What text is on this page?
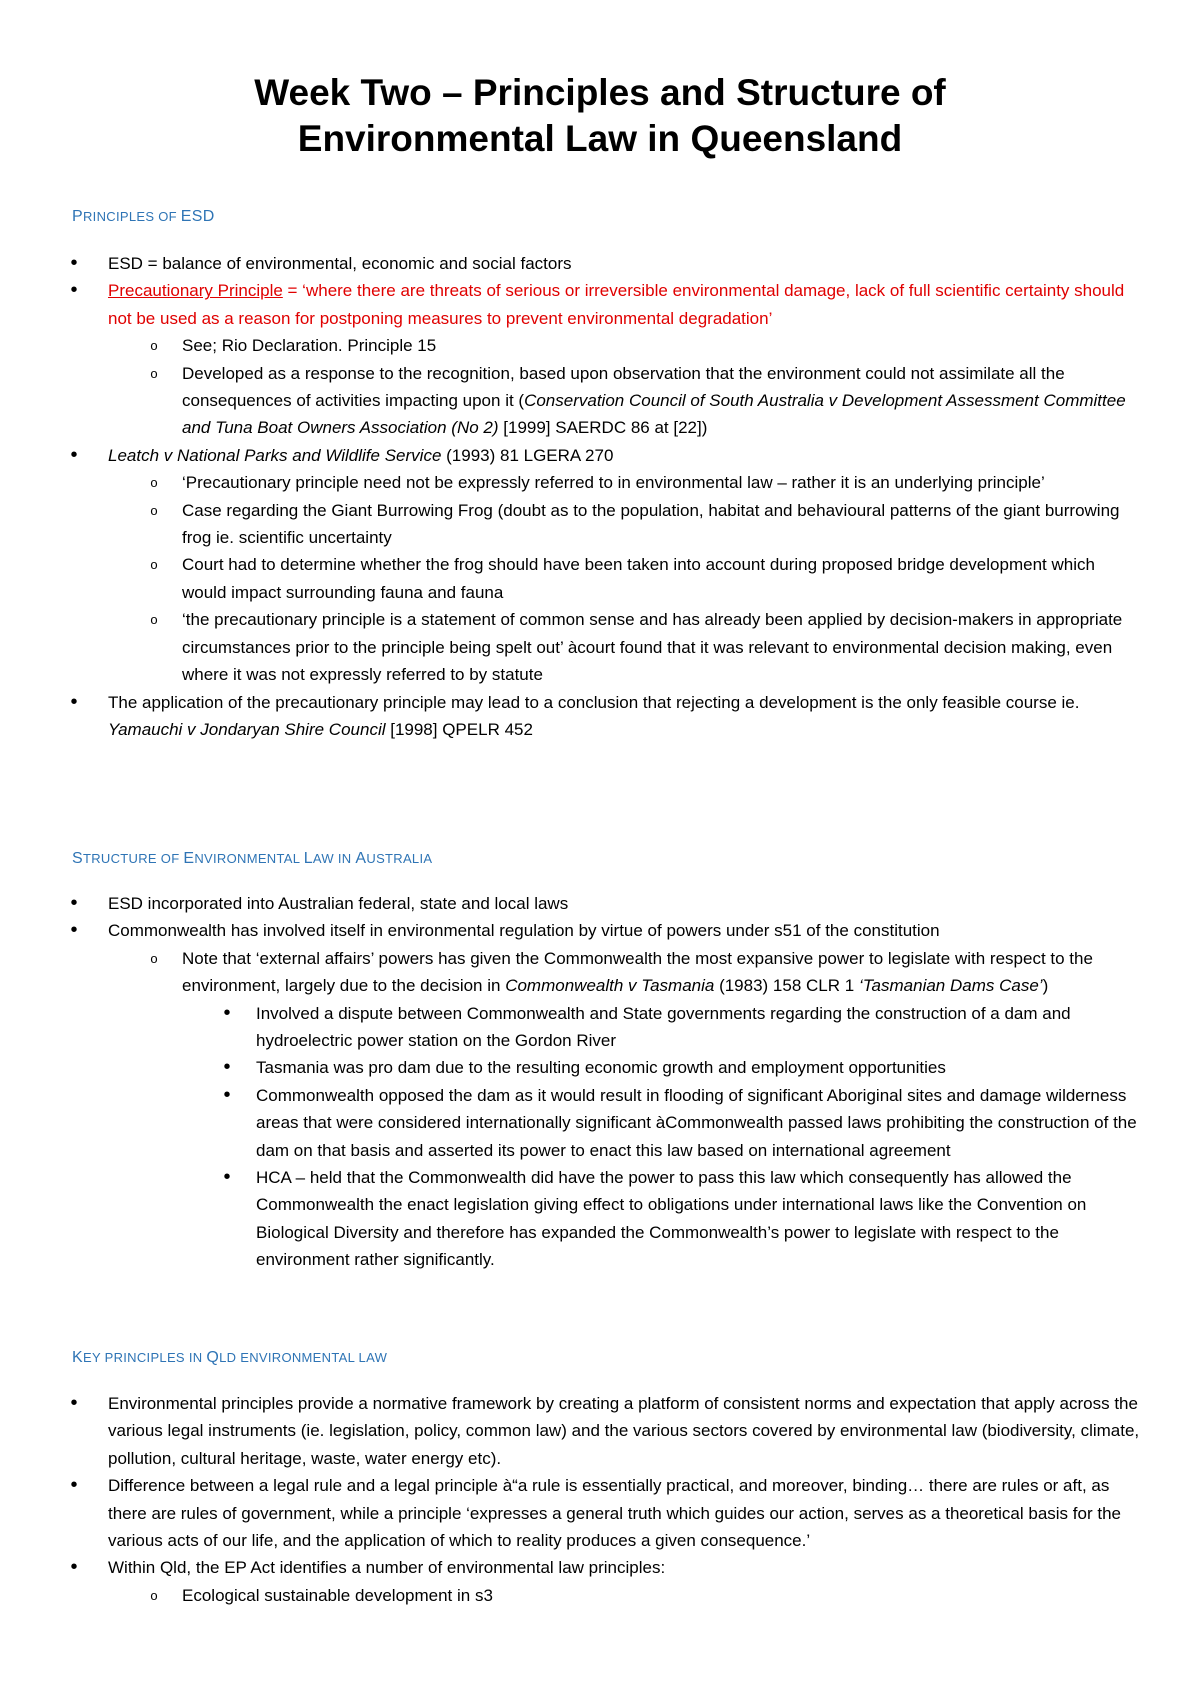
Week Two – Principles and Structure of
Environmental Law in Queensland
PRINCIPLES OF ESD
•	ESD = balance of environmental, economic and social factors
•	Precautionary Principle = ‘where there are threats of serious or irreversible environmental damage, lack of full scientific certainty should not be used as a reason for postponing measures to prevent environmental degradation’
o	See; Rio Declaration. Principle 15
o	Developed as a response to the recognition, based upon observation that the environment could not assimilate all the consequences of activities impacting upon it (Conservation Council of South Australia v Development Assessment Committee and Tuna Boat Owners Association (No 2) [1999] SAERDC 86 at [22])
•	Leatch v National Parks and Wildlife Service (1993) 81 LGERA 270
o	‘Precautionary principle need not be expressly referred to in environmental law – rather it is an underlying principle’
o	Case regarding the Giant Burrowing Frog (doubt as to the population, habitat and behavioural patterns of the giant burrowing frog ie. scientific uncertainty
o	Court had to determine whether the frog should have been taken into account during proposed bridge development which would impact surrounding fauna and fauna
o	‘the precautionary principle is a statement of common sense and has already been applied by decision-makers in appropriate circumstances prior to the principle being spelt out’ àcourt found that it was relevant to environmental decision making, even where it was not expressly referred to by statute
•	The application of the precautionary principle may lead to a conclusion that rejecting a development is the only feasible course ie. Yamauchi v Jondaryan Shire Council [1998] QPELR 452
STRUCTURE OF ENVIRONMENTAL LAW IN AUSTRALIA
•	ESD incorporated into Australian federal, state and local laws
•	Commonwealth has involved itself in environmental regulation by virtue of powers under s51 of the constitution
o	Note that ‘external affairs’ powers has given the Commonwealth the most expansive power to legislate with respect to the environment, largely due to the decision in Commonwealth v Tasmania (1983) 158 CLR 1 ‘Tasmanian Dams Case’)
•	Involved a dispute between Commonwealth and State governments regarding the construction of a dam and hydroelectric power station on the Gordon River
•	Tasmania was pro dam due to the resulting economic growth and employment opportunities
•	Commonwealth opposed the dam as it would result in flooding of significant Aboriginal sites and damage wilderness areas that were considered internationally significant àCommonwealth passed laws prohibiting the construction of the dam on that basis and asserted its power to enact this law based on international agreement
•	HCA – held that the Commonwealth did have the power to pass this law which consequently has allowed the Commonwealth the enact legislation giving effect to obligations under international laws like the Convention on Biological Diversity and therefore has expanded the Commonwealth’s power to legislate with respect to the environment rather significantly.
KEY PRINCIPLES IN QLD ENVIRONMENTAL LAW
•	Environmental principles provide a normative framework by creating a platform of consistent norms and expectation that apply across the various legal instruments (ie. legislation, policy, common law) and the various sectors covered by environmental law (biodiversity, climate, pollution, cultural heritage, waste, water energy etc).
•	Difference between a legal rule and a legal principle à“a rule is essentially practical, and moreover, binding… there are rules or aft, as there are rules of government, while a principle ‘expresses a general truth which guides our action, serves as a theoretical basis for the various acts of our life, and the application of which to reality produces a given consequence.’
•	Within Qld, the EP Act identifies a number of environmental law principles:
o	Ecological sustainable development in s3
